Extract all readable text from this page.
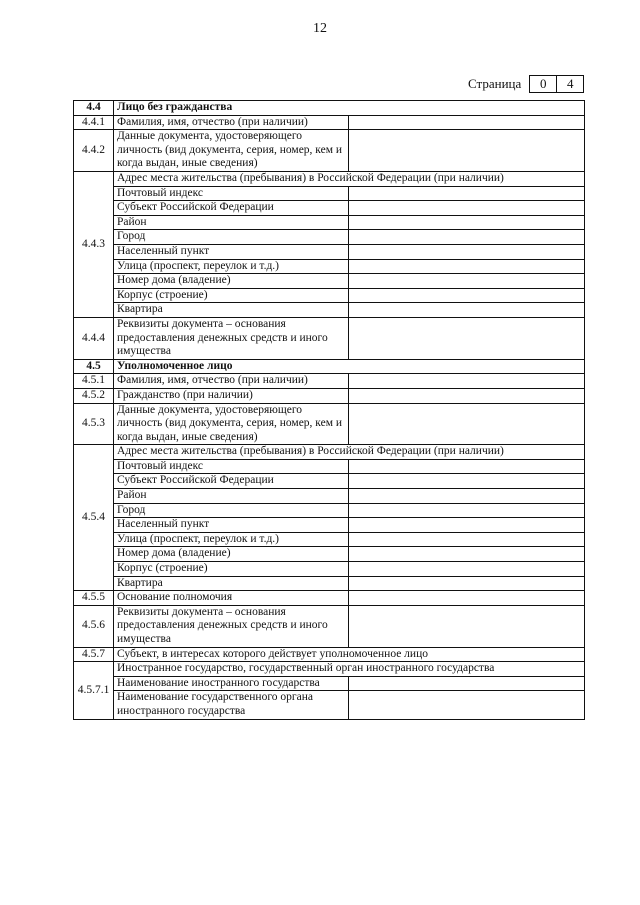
12
Страница	0	4
4.4	Лицо без гражданства	
4.4.1	Фамилия, имя, отчество (при наличии)	
4.4.2	Данные документа, удостоверяющего личность (вид документа, серия, номер, кем и когда выдан, иные сведения)	
4.4.3	Адрес места жительства (пребывания) в Российской Федерации (при наличии)	
	Почтовый индекс	
	Субъект Российской Федерации	
	Район	
	Город	
	Населенный пункт	
	Улица (проспект, переулок и т.д.)	
	Номер дома (владение)	
	Корпус (строение)	
	Квартира	
4.4.4	Реквизиты документа – основания предоставления денежных средств и иного имущества	
4.5	Уполномоченное лицо	
4.5.1	Фамилия, имя, отчество (при наличии)	
4.5.2	Гражданство (при наличии)	
4.5.3	Данные документа, удостоверяющего личность (вид документа, серия, номер, кем и когда выдан, иные сведения)	
4.5.4	Адрес места жительства (пребывания) в Российской Федерации (при наличии)	
	Почтовый индекс	
	Субъект Российской Федерации	
	Район	
	Город	
	Населенный пункт	
	Улица (проспект, переулок и т.д.)	
	Номер дома (владение)	
	Корпус (строение)	
	Квартира	
4.5.5	Основание полномочия	
4.5.6	Реквизиты документа – основания предоставления денежных средств и иного имущества	
4.5.7	Субъект, в интересах которого действует уполномоченное лицо	
4.5.7.1	Иностранное государство, государственный орган иностранного государства	
	Наименование иностранного государства	
	Наименование государственного органа иностранного государства	
